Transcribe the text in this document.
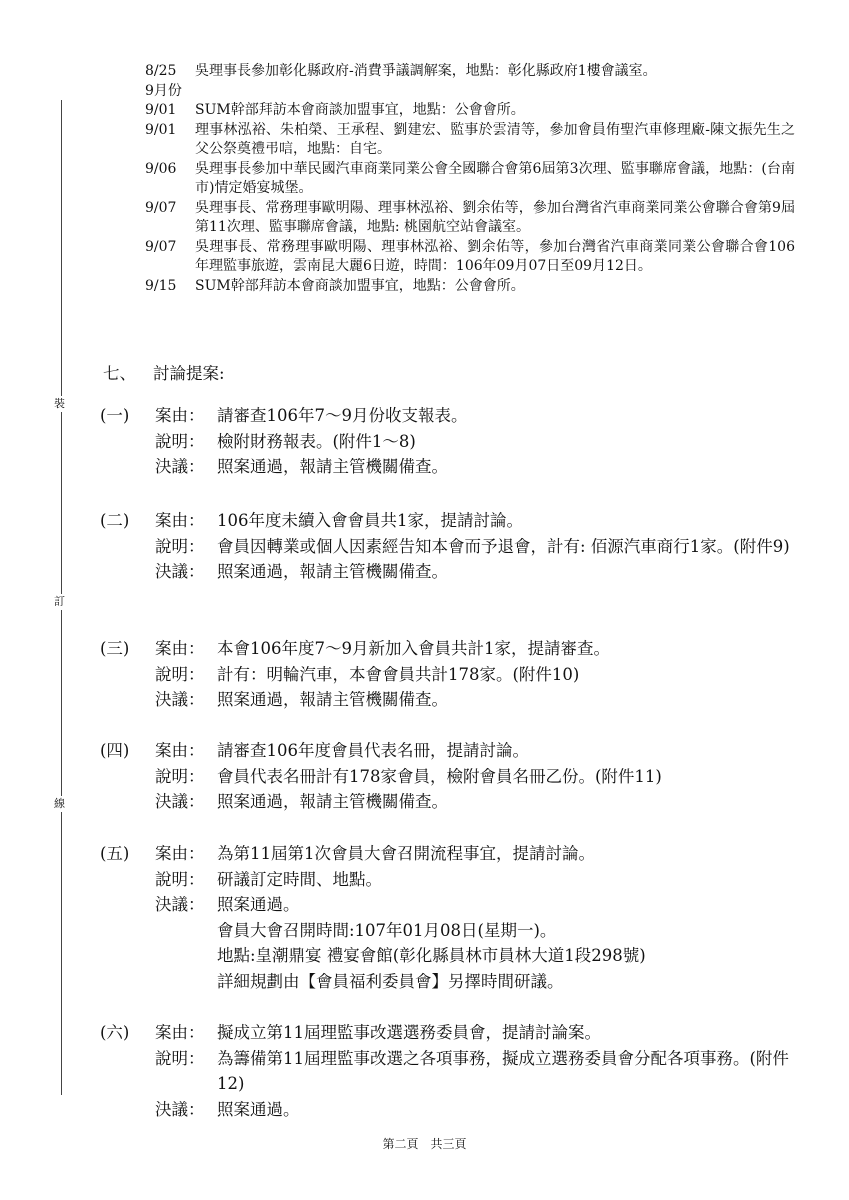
裝
訂
線
8/25	吳理事長參加彰化縣政府-消費爭議調解案，地點：彰化縣政府1樓會議室。
9月份
9/01	SUM幹部拜訪本會商談加盟事宜，地點：公會會所。
9/01	理事林泓裕、朱柏榮、王承程、劉建宏、監事於雲清等，參加會員侑聖汽車修理廠-陳文振先生之父公祭奠禮弔唁，地點：自宅。
9/06	吳理事長參加中華民國汽車商業同業公會全國聯合會第6屆第3次理、監事聯席會議，地點：(台南市)情定婚宴城堡。
9/07	吳理事長、常務理事歐明陽、理事林泓裕、劉余佑等，參加台灣省汽車商業同業公會聯合會第9屆第11次理、監事聯席會議，地點: 桃園航空站會議室。
9/07	吳理事長、常務理事歐明陽、理事林泓裕、劉余佑等，參加台灣省汽車商業同業公會聯合會106年理監事旅遊，雲南昆大麗6日遊，時間：106年09月07日至09月12日。
9/15	SUM幹部拜訪本會商談加盟事宜，地點：公會會所。
七、 討論提案:
(一)	案由： 請審查106年7～9月份收支報表。
說明： 檢附財務報表。(附件1～8)
決議： 照案通過，報請主管機關備查。
(二)	案由： 106年度未續入會會員共1家，提請討論。
說明： 會員因轉業或個人因素經告知本會而予退會，計有: 佰源汽車商行1家。(附件9)
決議： 照案通過，報請主管機關備查。
(三)	案由： 本會106年度7～9月新加入會員共計1家，提請審查。
說明： 計有：明輪汽車，本會會員共計178家。(附件10)
決議： 照案通過，報請主管機關備查。
(四)	案由： 請審查106年度會員代表名冊，提請討論。
說明： 會員代表名冊計有178家會員，檢附會員名冊乙份。(附件11)
決議： 照案通過，報請主管機關備查。
(五)	案由： 為第11屆第1次會員大會召開流程事宜，提請討論。
說明： 研議訂定時間、地點。
決議： 照案通過。
會員大會召開時間:107年01月08日(星期一)。
地點:皇潮鼎宴 禮宴會館(彰化縣員林市員林大道1段298號)
詳細規劃由【會員福利委員會】另擇時間研議。
(六)	案由： 擬成立第11屆理監事改選選務委員會，提請討論案。
說明： 為籌備第11屆理監事改選之各項事務，擬成立選務委員會分配各項事務。(附件12)
決議： 照案通過。
第二頁　共三頁
